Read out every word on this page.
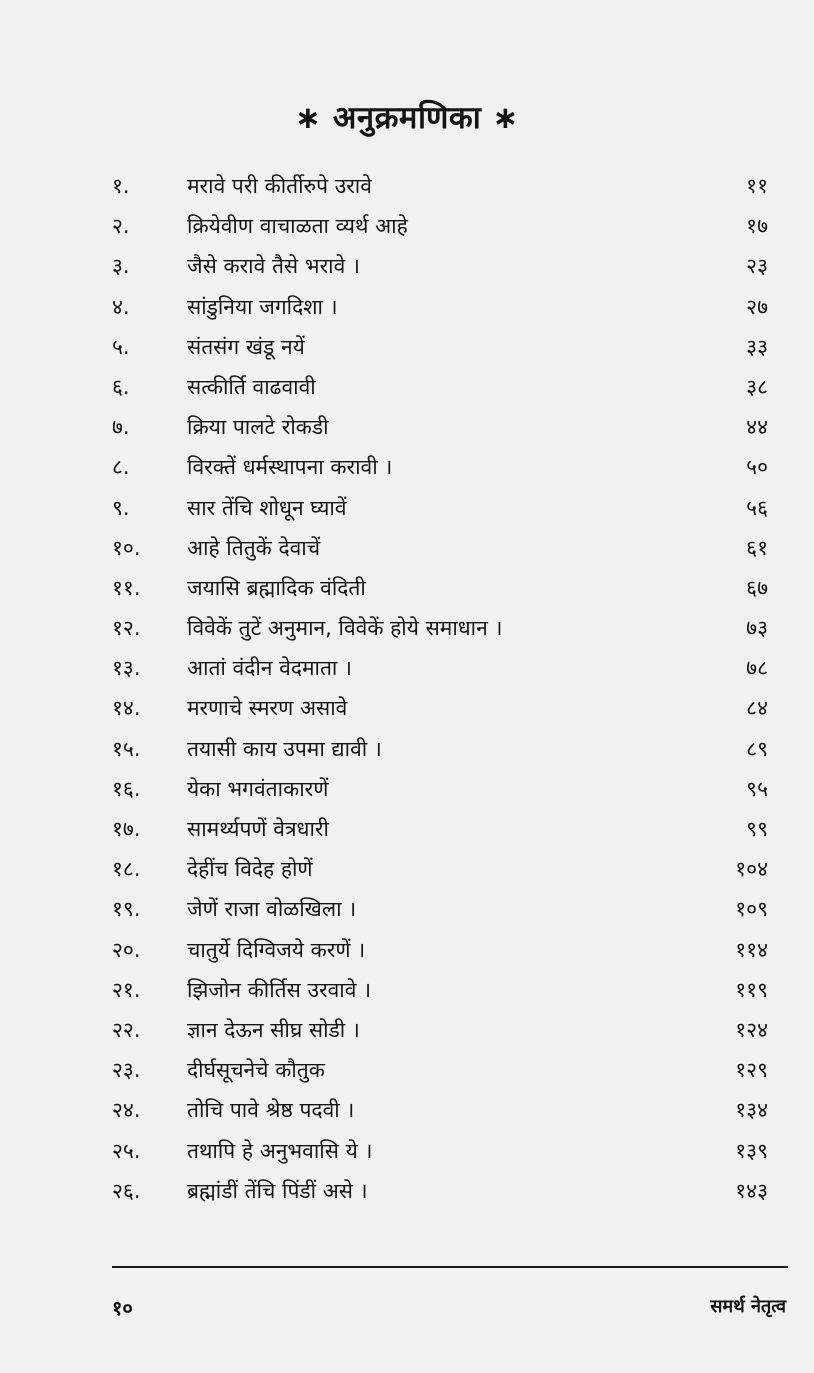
∗ अनुक्रमणिका ∗
१.	मरावे परी कीर्तीरुपे उरावे	११
२.	क्रियेवीण वाचाळता व्यर्थ आहे	१७
३.	जैसे करावे तैसे भरावे ।	२३
४.	सांडुनिया जगदिशा ।	२७
५.	संतसंग खंडू नयें	३३
६.	सत्कीर्ति वाढवावी	३८
७.	क्रिया पालटे रोकडी	४४
८.	विरक्तें धर्मस्थापना करावी ।	५०
९.	सार तेंचि शोधून घ्यावें	५६
१०. आहे तितुकें देवाचें	६१
११. जयासि ब्रह्मादिक वंदिती	६७
१२. विवेकें तुटें अनुमान, विवेकें होये समाधान ।	७३
१३. आतां वंदीन वेदमाता ।	७८
१४. मरणाचे स्मरण असावे	८४
१५. तयासी काय उपमा द्यावी ।	८९
१६. येका भगवंताकारणें	९५
१७. सामर्थ्यपणें वेत्रधारी	९९
१८. देहींच विदेह होणें	१०४
१९. जेणें राजा वोळखिला ।	१०९
२०. चातुर्ये दिग्विजये करणें ।	११४
२१. झिजोन कीर्तिस उरवावे ।	११९
२२. ज्ञान देऊन सीघ्र सोडी ।	१२४
२३. दीर्घसूचनेचे कौतुक	१२९
२४. तोचि पावे श्रेष्ठ पदवी ।	१३४
२५. तथापि हे अनुभवासि ये ।	१३९
२६. ब्रह्मांडीं तेंचि पिंडीं असे ।	१४३
१०	समर्थ नेतृत्व
